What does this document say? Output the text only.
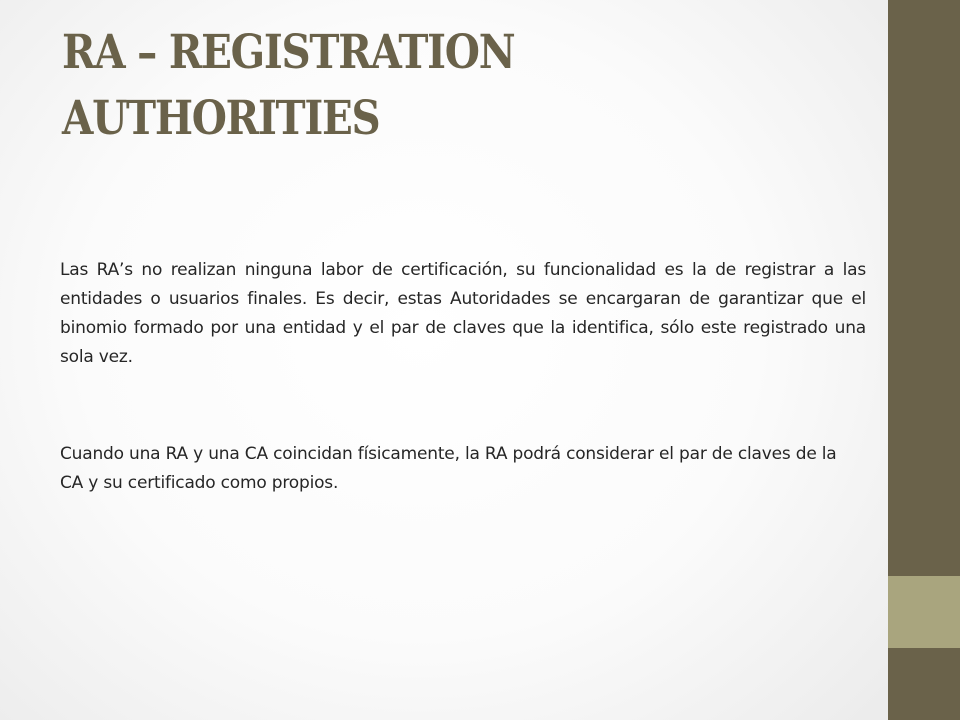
RA – REGISTRATION AUTHORITIES

Las RA’s no realizan ninguna labor de certificación, su funcionalidad es la de registrar a las entidades o usuarios finales. Es decir, estas Autoridades se encargaran de garantizar que el binomio formado por una entidad y el par de claves que la identifica, sólo este registrado una sola vez.

Cuando una RA y una CA coincidan físicamente, la RA podrá considerar el par de claves de la CA y su certificado como propios.
